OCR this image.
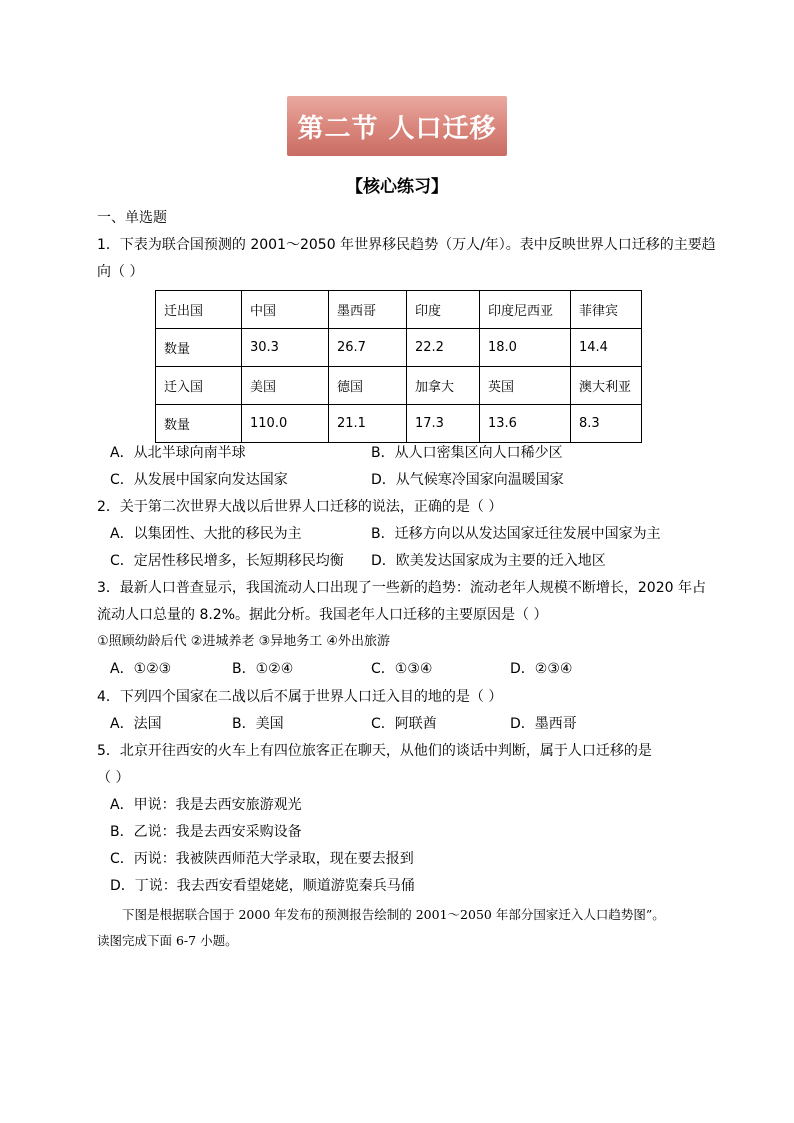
第二节 人口迁移
【核心练习】
一、单选题
1．下表为联合国预测的 2001～2050 年世界移民趋势（万人/年）。表中反映世界人口迁移的主要趋
向（ ）
迁出国	中国	墨西哥	印度	印度尼西亚	菲律宾
数量	30.3	26.7	22.2	18.0	14.4
迁入国	美国	德国	加拿大	英国	澳大利亚
数量	110.0	21.1	17.3	13.6	8.3
A．从北半球向南半球	B．从人口密集区向人口稀少区
C．从发展中国家向发达国家	D．从气候寒冷国家向温暖国家
2．关于第二次世界大战以后世界人口迁移的说法，正确的是（ ）
A．以集团性、大批的移民为主	B．迁移方向以从发达国家迁往发展中国家为主
C．定居性移民增多，长短期移民均衡 D．欧美发达国家成为主要的迁入地区
3．最新人口普查显示，我国流动人口出现了一些新的趋势：流动老年人规模不断增长，2020 年占
流动人口总量的 8.2%。据此分析。我国老年人口迁移的主要原因是（ ）
①照顾幼龄后代 ②进城养老 ③异地务工 ④外出旅游
A．①②③	B．①②④	C．①③④	D．②③④
4．下列四个国家在二战以后不属于世界人口迁入目的地的是（ ）
A．法国	B．美国	C．阿联酋	D．墨西哥
5．北京开往西安的火车上有四位旅客正在聊天，从他们的谈话中判断，属于人口迁移的是
（ ）
A．甲说：我是去西安旅游观光
B．乙说：我是去西安采购设备
C．丙说：我被陕西师范大学录取，现在要去报到
D．丁说：我去西安看望姥姥，顺道游览秦兵马俑
下图是根据联合国于 2000 年发布的预测报告绘制的 2001～2050 年部分国家迁入人口趋势图”。
读图完成下面 6-7 小题。
